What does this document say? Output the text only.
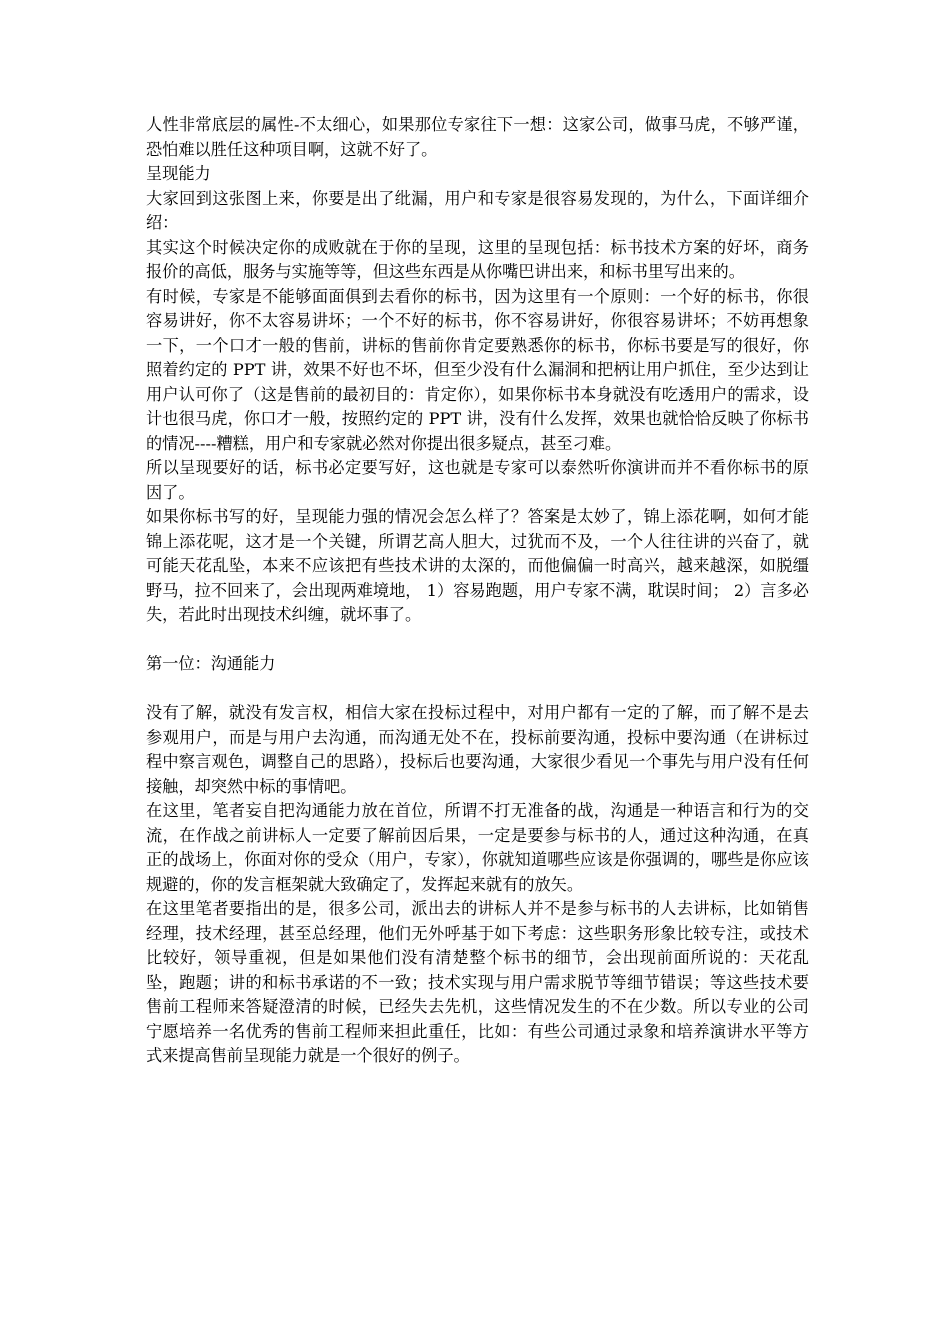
人性非常底层的属性-不太细心，如果那位专家往下一想：这家公司，做事马虎，不够严谨，恐怕难以胜任这种项目啊，这就不好了。

呈现能力

大家回到这张图上来，你要是出了纰漏，用户和专家是很容易发现的，为什么，下面详细介绍：

其实这个时候决定你的成败就在于你的呈现，这里的呈现包括：标书技术方案的好坏，商务报价的高低，服务与实施等等，但这些东西是从你嘴巴讲出来，和标书里写出来的。

有时候，专家是不能够面面俱到去看你的标书，因为这里有一个原则：一个好的标书，你很容易讲好，你不太容易讲坏；一个不好的标书，你不容易讲好，你很容易讲坏；不妨再想象一下，一个口才一般的售前，讲标的售前你肯定要熟悉你的标书，你标书要是写的很好，你照着约定的 PPT 讲，效果不好也不坏，但至少没有什么漏洞和把柄让用户抓住，至少达到让用户认可你了（这是售前的最初目的：肯定你），如果你标书本身就没有吃透用户的需求，设计也很马虎，你口才一般，按照约定的 PPT 讲，没有什么发挥，效果也就恰恰反映了你标书的情况----糟糕，用户和专家就必然对你提出很多疑点，甚至刁难。

所以呈现要好的话，标书必定要写好，这也就是专家可以泰然听你演讲而并不看你标书的原因了。

如果你标书写的好，呈现能力强的情况会怎么样了？答案是太妙了，锦上添花啊，如何才能锦上添花呢，这才是一个关键，所谓艺高人胆大，过犹而不及，一个人往往讲的兴奋了，就可能天花乱坠，本来不应该把有些技术讲的太深的，而他偏偏一时高兴，越来越深，如脱缰野马，拉不回来了，会出现两难境地， 1）容易跑题，用户专家不满，耽误时间； 2）言多必失，若此时出现技术纠缠，就坏事了。

第一位：沟通能力

没有了解，就没有发言权，相信大家在投标过程中，对用户都有一定的了解，而了解不是去参观用户，而是与用户去沟通，而沟通无处不在，投标前要沟通，投标中要沟通（在讲标过程中察言观色，调整自己的思路），投标后也要沟通，大家很少看见一个事先与用户没有任何接触，却突然中标的事情吧。

在这里，笔者妄自把沟通能力放在首位，所谓不打无准备的战，沟通是一种语言和行为的交流，在作战之前讲标人一定要了解前因后果，一定是要参与标书的人，通过这种沟通，在真正的战场上，你面对你的受众（用户，专家），你就知道哪些应该是你强调的，哪些是你应该规避的，你的发言框架就大致确定了，发挥起来就有的放矢。

在这里笔者要指出的是，很多公司，派出去的讲标人并不是参与标书的人去讲标，比如销售经理，技术经理，甚至总经理，他们无外呼基于如下考虑：这些职务形象比较专注，或技术比较好，领导重视，但是如果他们没有清楚整个标书的细节，会出现前面所说的：天花乱坠，跑题；讲的和标书承诺的不一致；技术实现与用户需求脱节等细节错误；等这些技术要售前工程师来答疑澄清的时候，已经失去先机，这些情况发生的不在少数。所以专业的公司宁愿培养一名优秀的售前工程师来担此重任，比如：有些公司通过录象和培养演讲水平等方式来提高售前呈现能力就是一个很好的例子。
